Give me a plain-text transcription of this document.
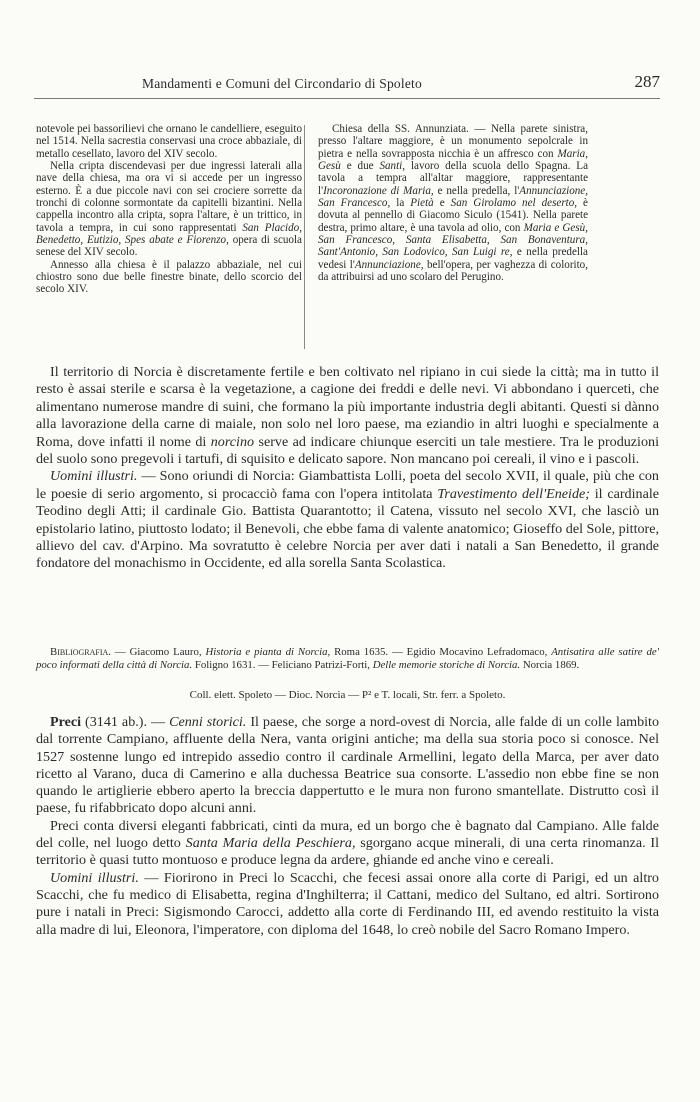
Mandamenti e Comuni del Circondario di Spoleto	287

notevole pei bassorilievi che ornano le candelliere, eseguito nel 1514. Nella sacrestia conservasi una croce abbaziale, di metallo cesellato, lavoro del XIV secolo.

Nella cripta discendevasi per due ingressi laterali alla nave della chiesa, ma ora vi si accede per un ingresso esterno. È a due piccole navi con sei crociere sorrette da tronchi di colonne sormontate da capitelli bizantini. Nella cappella incontro alla cripta, sopra l'altare, è un trittico, in tavola a tempra, in cui sono rappresentati San Placido, Benedetto, Eutizio, Spes abate e Fiorenzo, opera di scuola senese del XIV secolo.

Annesso alla chiesa è il palazzo abbaziale, nel cui chiostro sono due belle finestre binate, dello scorcio del secolo XIV.

Chiesa della SS. Annunziata. — Nella parete sinistra, presso l'altare maggiore, è un monumento sepolcrale in pietra e nella sovrapposta nicchia è un affresco con Maria, Gesù e due Santi, lavoro della scuola dello Spagna. La tavola a tempra all'altar maggiore, rappresentante l'Incoronazione di Maria, e nella predella, l'Annunciazione, San Francesco, la Pietà e San Girolamo nel deserto, è dovuta al pennello di Giacomo Siculo (1541). Nella parete destra, primo altare, è una tavola ad olio, con Maria e Gesù, San Francesco, Santa Elisabetta, San Bonaventura, Sant'Antonio, San Lodovico, San Luigi re, e nella predella vedesi l'Annunciazione, bell'opera, per vaghezza di colorito, da attribuirsi ad uno scolaro del Perugino.

Il territorio di Norcia è discretamente fertile e ben coltivato nel ripiano in cui siede la città; ma in tutto il resto è assai sterile e scarsa è la vegetazione, a cagione dei freddi e delle nevi. Vi abbondano i querceti, che alimentano numerose mandre di suini, che formano la più importante industria degli abitanti. Questi si dànno alla lavorazione della carne di maiale, non solo nel loro paese, ma eziandio in altri luoghi e specialmente a Roma, dove infatti il nome di norcino serve ad indicare chiunque eserciti un tale mestiere. Tra le produzioni del suolo sono pregevoli i tartufi, di squisito e delicato sapore. Non mancano poi cereali, il vino e i pascoli.

Uomini illustri. — Sono oriundi di Norcia: Giambattista Lolli, poeta del secolo XVII, il quale, più che con le poesie di serio argomento, si procacciò fama con l'opera intitolata Travestimento dell'Eneide; il cardinale Teodino degli Atti; il cardinale Gio. Battista Quarantotto; il Catena, vissuto nel secolo XVI, che lasciò un epistolario latino, piuttosto lodato; il Benevoli, che ebbe fama di valente anatomico; Gioseffo del Sole, pittore, allievo del cav. d'Arpino. Ma sovratutto è celebre Norcia per aver dati i natali a San Benedetto, il grande fondatore del monachismo in Occidente, ed alla sorella Santa Scolastica.

Bibliografia. — Giacomo Lauro, Historia e pianta di Norcia, Roma 1635. — Egidio Mocavino Lefradomaco, Antisatira alle satire de' poco informati della città di Norcia. Foligno 1631. — Feliciano Patrizi-Forti, Delle memorie storiche di Norcia. Norcia 1869.

Coll. elett. Spoleto — Dioc. Norcia — P² e T. locali, Str. ferr. a Spoleto.

Preci (3141 ab.). — Cenni storici. Il paese, che sorge a nord-ovest di Norcia, alle falde di un colle lambito dal torrente Campiano, affluente della Nera, vanta origini antiche; ma della sua storia poco si conosce. Nel 1527 sostenne lungo ed intrepido assedio contro il cardinale Armellini, legato della Marca, per aver dato ricetto al Varano, duca di Camerino e alla duchessa Beatrice sua consorte. L'assedio non ebbe fine se non quando le artiglierie ebbero aperto la breccia dappertutto e le mura non furono smantellate. Distrutto così il paese, fu rifabbricato dopo alcuni anni.

Preci conta diversi eleganti fabbricati, cinti da mura, ed un borgo che è bagnato dal Campiano. Alle falde del colle, nel luogo detto Santa Maria della Peschiera, sgorgano acque minerali, di una certa rinomanza. Il territorio è quasi tutto montuoso e produce legna da ardere, ghiande ed anche vino e cereali.

Uomini illustri. — Fiorirono in Preci lo Scacchi, che fecesi assai onore alla corte di Parigi, ed un altro Scacchi, che fu medico di Elisabetta, regina d'Inghilterra; il Cattani, medico del Sultano, ed altri. Sortirono pure i natali in Preci: Sigismondo Carocci, addetto alla corte di Ferdinando III, ed avendo restituito la vista alla madre di lui, Eleonora, l'imperatore, con diploma del 1648, lo creò nobile del Sacro Romano Impero.
